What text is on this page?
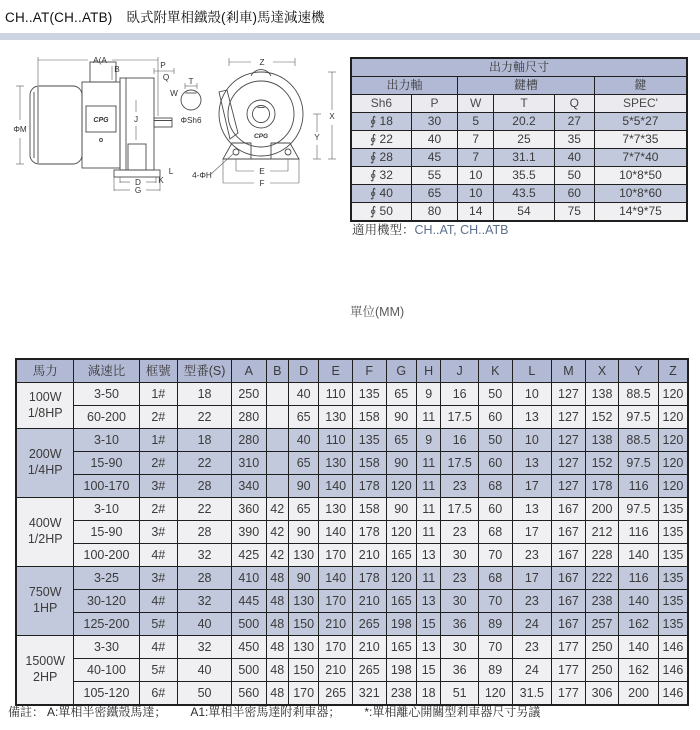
CH..AT(CH..ATB) 臥式附單相鐵殼(剎車)馬達減速機
A(A
B	P
Q
ΦM
J
D
G
K
L
Z
X
Y
E
F
4-ΦH
W
T
ΦSh6
CPG
CPG
出力軸尺寸					
出力軸		鍵槽			鍵
Sh6	P	W	T	Q	SPEC'
∮ 18	30	5	20.2	27	5*5*27
∮ 22	40	7	25	35	7*7*35
∮ 28	45	7	31.1	40	7*7*40
∮ 32	55	10	35.5	50	10*8*50
∮ 40	65	10	43.5	60	10*8*60
∮ 50	80	14	54	75	14*9*75
適用機型：CH..AT, CH..ATB
單位(MM)
馬力	減速比	框號	型番(S)	A	B	D	E	F	G	H	J	K	L	M	X	Y	Z

100W
1/8HP	3-50	1#	18	250		40	110	135	65	9	16	50	10	127	138	88.5	120
	60-200	2#	22	280		65	130	158	90	11	17.5	60	13	127	152	97.5	120

200W
1/4HP	3-10	1#	18	280		40	110	135	65	9	16	50	10	127	138	88.5	120
	15-90	2#	22	310		65	130	158	90	11	17.5	60	13	127	152	97.5	120
	100-170	3#	28	340		90	140	178	120	11	23	68	17	127	178	116	120

400W
1/2HP	3-10	2#	22	360	42	65	130	158	90	11	17.5	60	13	167	200	97.5	135
	15-90	3#	28	390	42	90	140	178	120	11	23	68	17	167	212	116	135
	100-200	4#	32	425	42	130	170	210	165	13	30	70	23	167	228	140	135

750W
1HP	3-25	3#	28	410	48	90	140	178	120	11	23	68	17	167	222	116	135
	30-120	4#	32	445	48	130	170	210	165	13	30	70	23	167	238	140	135
	125-200	5#	40	500	48	150	210	265	198	15	36	89	24	167	257	162	135

1500W
2HP	3-30	4#	32	450	48	130	170	210	165	13	30	70	23	177	250	140	146
	40-100	5#	40	500	48	150	210	265	198	15	36	89	24	177	250	162	146
	105-120	6#	50	560	48	170	265	321	238	18	51	120	31.5	177	306	200	146
備註： A:單相半密鐵殼馬達； A1:單相半密馬達附剎車器； *:單相離心開關型剎車器尺寸另議
